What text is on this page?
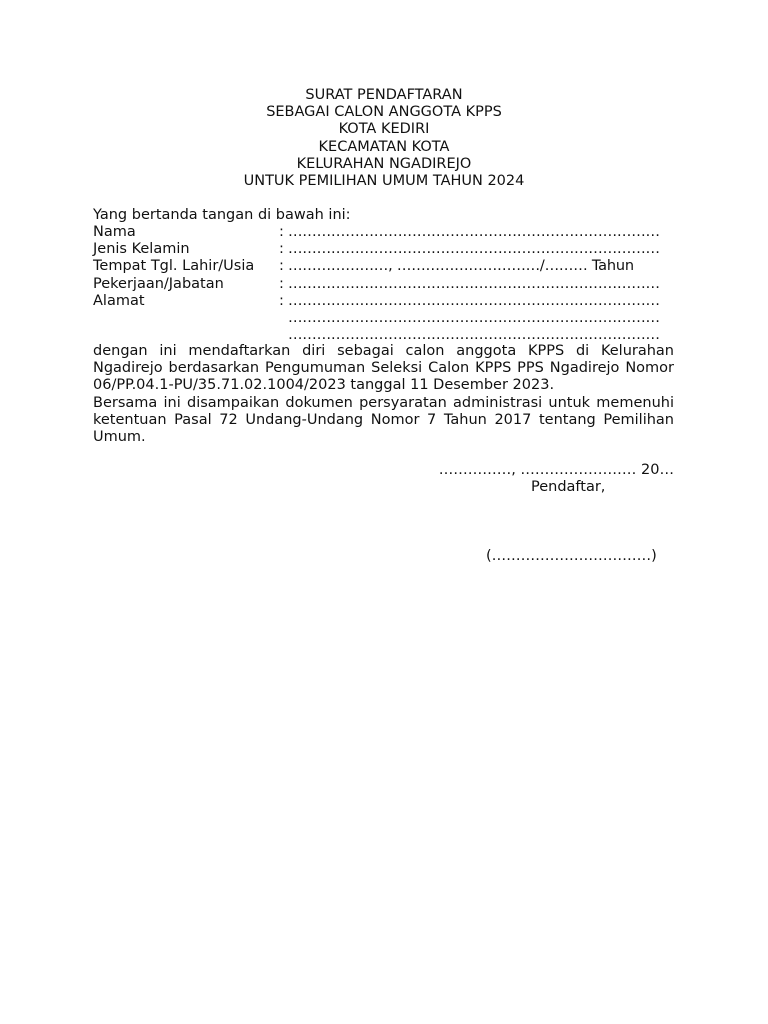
SURAT PENDAFTARAN
SEBAGAI CALON ANGGOTA KPPS
KOTA KEDIRI
KECAMATAN KOTA
KELURAHAN NGADIREJO
UNTUK PEMILIHAN UMUM TAHUN 2024
Yang bertanda tangan di bawah ini:
Nama	: ……………………………………………………………………
Jenis Kelamin	: ……………………………………………………………………
Tempat Tgl. Lahir/Usia : …………………, …………………………/……… Tahun
Pekerjaan/Jabatan	: ……………………………………………………………………
Alamat	: ……………………………………………………………………
……………………………………………………………………
……………………………………………………………………
dengan ini mendaftarkan diri sebagai calon anggota KPPS di Kelurahan Ngadirejo berdasarkan Pengumuman Seleksi Calon KPPS PPS Ngadirejo Nomor 06/PP.04.1-PU/35.71.02.1004/2023 tanggal 11 Desember 2023.
Bersama ini disampaikan dokumen persyaratan administrasi untuk memenuhi ketentuan Pasal 72 Undang-Undang Nomor 7 Tahun 2017 tentang Pemilihan Umum.
……………, …………………… 20…
Pendaftar,
(……………………………)
